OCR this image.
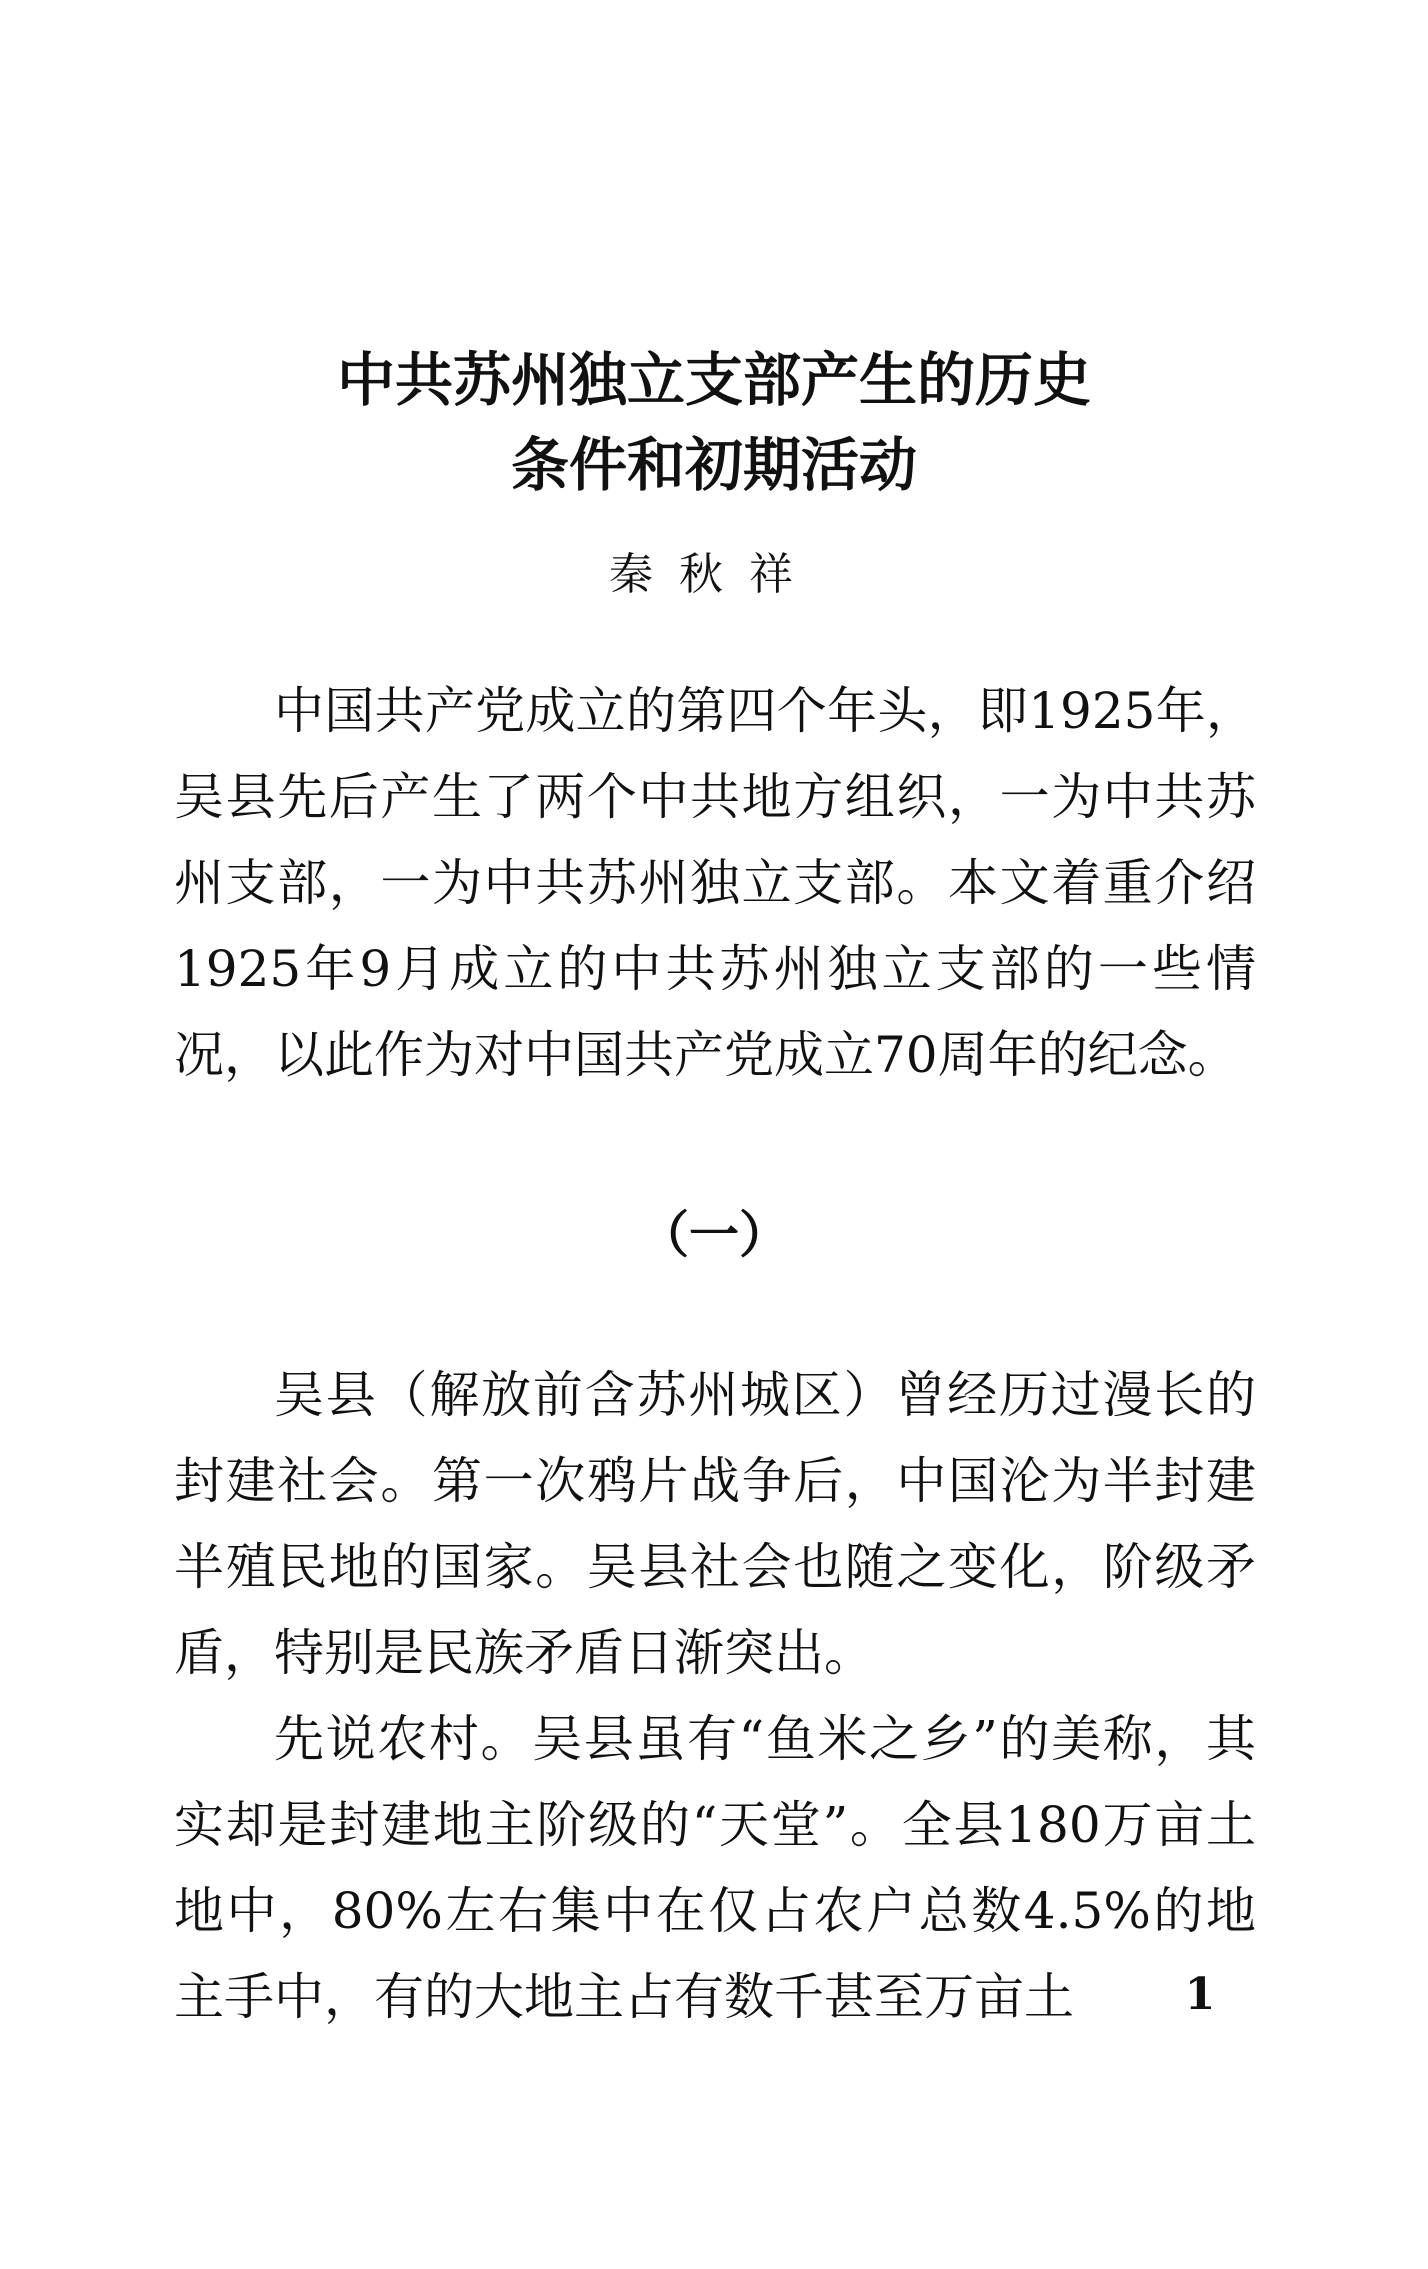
中共苏州独立支部产生的历史
条件和初期活动
秦秋祥

中国共产党成立的第四个年头，即1925年，吴县先后产生了两个中共地方组织，一为中共苏州支部，一为中共苏州独立支部。本文着重介绍1925年9月成立的中共苏州独立支部的一些情况，以此作为对中国共产党成立70周年的纪念。

（一）

吴县（解放前含苏州城区）曾经历过漫长的封建社会。第一次鸦片战争后，中国沦为半封建半殖民地的国家。吴县社会也随之变化，阶级矛盾，特别是民族矛盾日渐突出。

先说农村。吴县虽有“鱼米之乡”的美称，其实却是封建地主阶级的“天堂”。全县180万亩土地中，80%左右集中在仅占农户总数4.5%的地主手中，有的大地主占有数千甚至万亩土	1
